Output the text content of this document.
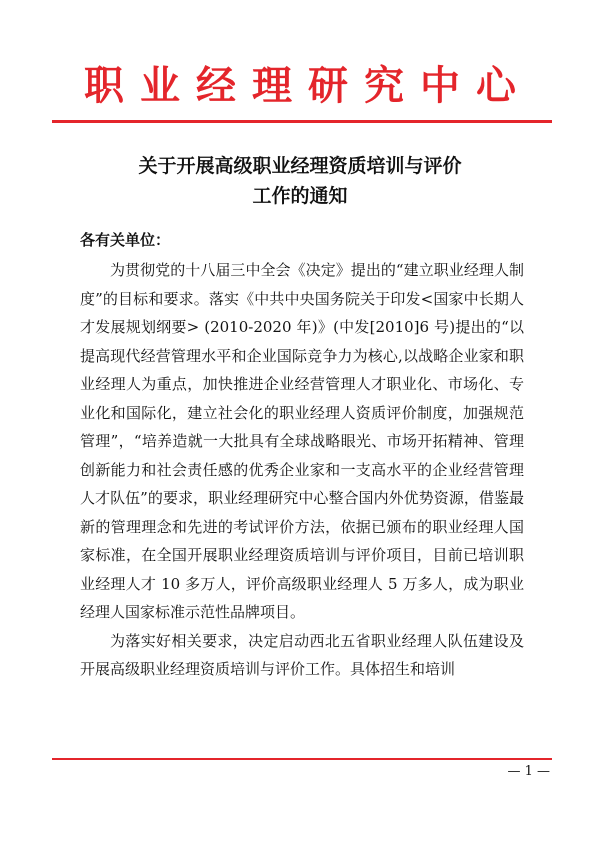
职业经理研究中心
关于开展高级职业经理资质培训与评价
工作的通知
各有关单位：

为贯彻党的十八届三中全会《决定》提出的“建立职业经理人制度”的目标和要求。落实《中共中央国务院关于印发<国家中长期人才发展规划纲要> (2010-2020 年)》(中发[2010]6 号)提出的“以提高现代经营管理水平和企业国际竞争力为核心,以战略企业家和职业经理人为重点，加快推进企业经营管理人才职业化、市场化、专业化和国际化，建立社会化的职业经理人资质评价制度，加强规范管理”，“培养造就一大批具有全球战略眼光、市场开拓精神、管理创新能力和社会责任感的优秀企业家和一支高水平的企业经营管理人才队伍”的要求，职业经理研究中心整合国内外优势资源，借鉴最新的管理理念和先进的考试评价方法，依据已颁布的职业经理人国家标准，在全国开展职业经理资质培训与评价项目，目前已培训职业经理人才 10 多万人，评价高级职业经理人 5 万多人，成为职业经理人国家标准示范性品牌项目。

为落实好相关要求，决定启动西北五省职业经理人队伍建设及开展高级职业经理资质培训与评价工作。具体招生和培训

— 1 —
